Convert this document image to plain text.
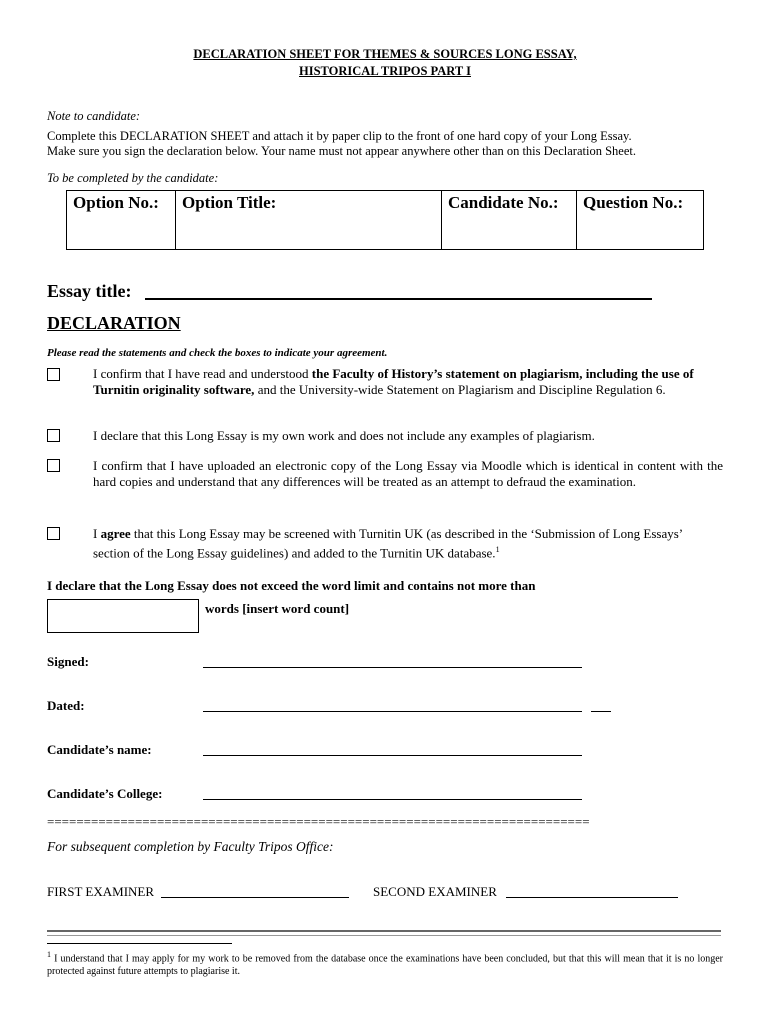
DECLARATION SHEET FOR THEMES & SOURCES LONG ESSAY,
HISTORICAL TRIPOS PART I
Note to candidate:
Complete this DECLARATION SHEET and attach it by paper clip to the front of one hard copy of your Long Essay.
Make sure you sign the declaration below. Your name must not appear anywhere other than on this Declaration Sheet.
To be completed by the candidate:
Option No.:	Option Title:	Candidate No.:	Question No.:
Essay title:
DECLARATION
Please read the statements and check the boxes to indicate your agreement.
I confirm that I have read and understood the Faculty of History’s statement on plagiarism, including the use of Turnitin originality software, and the University-wide Statement on Plagiarism and Discipline Regulation 6.
I declare that this Long Essay is my own work and does not include any examples of plagiarism.
I confirm that I have uploaded an electronic copy of the Long Essay via Moodle which is identical in content with the hard copies and understand that any differences will be treated as an attempt to defraud the examination.
I agree that this Long Essay may be screened with Turnitin UK (as described in the ‘Submission of Long Essays’ section of the Long Essay guidelines) and added to the Turnitin UK database.$^1$
I declare that the Long Essay does not exceed the word limit and contains not more than
words [insert word count]
Signed:
Dated:
Candidate’s name:
Candidate’s College:
==========================================================================
For subsequent completion by Faculty Tripos Office:
FIRST EXAMINER	SECOND EXAMINER
$^1$ I understand that I may apply for my work to be removed from the database once the examinations have been concluded, but that this will mean that it is no longer protected against future attempts to plagiarise it.
